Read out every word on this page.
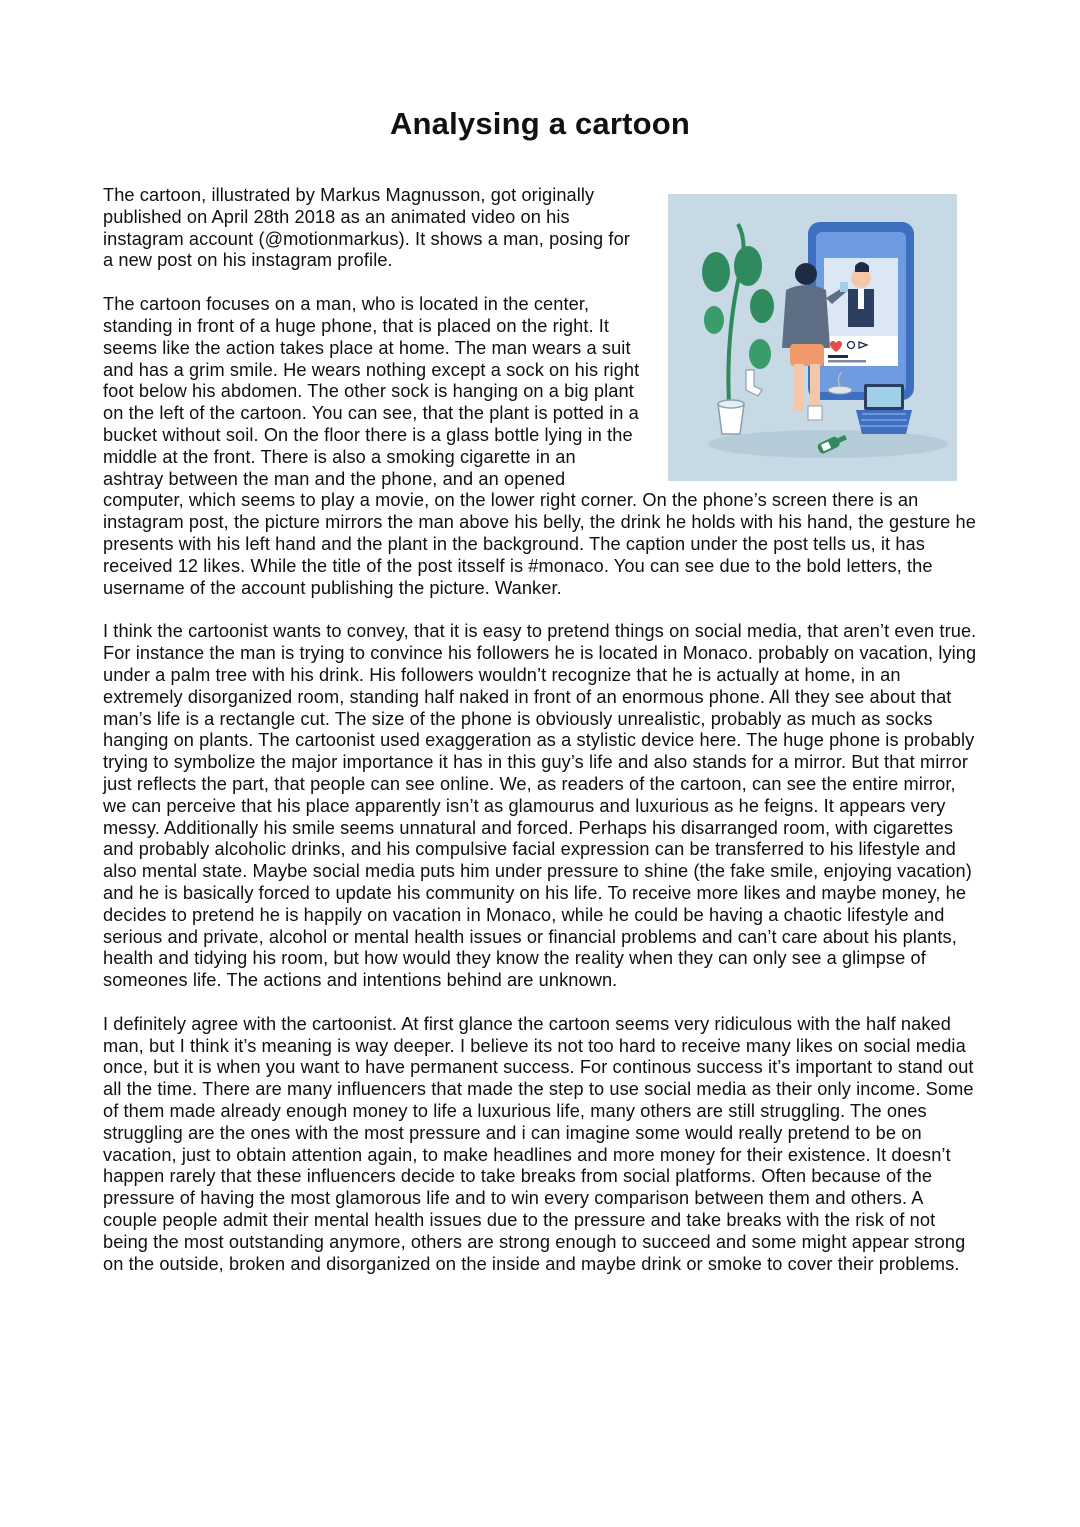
Analysing a cartoon

The cartoon, illustrated by Markus Magnusson, got originally published on April 28th 2018 as an animated video on his instagram account (@motionmarkus). It shows a man, posing for a new post on his instagram profile.

The cartoon focuses on a man, who is located in the center, standing in front of a huge phone, that is placed on the right. It seems like the action takes place at home. The man wears a suit and has a grim smile. He wears nothing except a sock on his right foot below his abdomen. The other sock is hanging on a big plant on the left of the cartoon. You can see, that the plant is potted in a bucket without soil. On the floor there is a glass bottle lying in the middle at the front. There is also a smoking cigarette in an ashtray between the man and the phone, and an opened computer, which seems to play a movie, on the lower right corner. On the phone’s screen there is an instagram post, the picture mirrors the man above his belly, the drink he holds with his hand, the gesture he presents with his left hand and the plant in the background. The caption under the post tells us, it has received 12 likes. While the title of the post itsself is #monaco. You can see due to the bold letters, the username of the account publishing the picture. Wanker.

I think the cartoonist wants to convey, that it is easy to pretend things on social media, that aren’t even true. For instance the man is trying to convince his followers he is located in Monaco. probably on vacation, lying under a palm tree with his drink. His followers wouldn’t recognize that he is actually at home, in an extremely disorganized room, standing half naked in front of an enormous phone. All they see about that man’s life is a rectangle cut. The size of the phone is obviously unrealistic, probably as much as socks hanging on plants. The cartoonist used exaggeration as a stylistic device here. The huge phone is probably trying to symbolize the major importance it has in this guy’s life and also stands for a mirror. But that mirror just reflects the part, that people can see online. We, as readers of the cartoon, can see the entire mirror, we can perceive that his place apparently isn’t as glamourus and luxurious as he feigns. It appears very messy. Additionally his smile seems unnatural and forced. Perhaps his disarranged room, with cigarettes and probably alcoholic drinks, and his compulsive facial expression can be transferred to his lifestyle and also mental state. Maybe social media puts him under pressure to shine (the fake smile, enjoying vacation) and he is basically forced to update his community on his life. To receive more likes and maybe money, he decides to pretend he is happily on vacation in Monaco, while he could be having a chaotic lifestyle and serious and private, alcohol or mental health issues or financial problems and can’t care about his plants, health and tidying his room, but how would they know the reality when they can only see a glimpse of someones life. The actions and intentions behind are unknown.

I definitely agree with the cartoonist. At first glance the cartoon seems very ridiculous with the half naked man, but I think it’s meaning is way deeper. I believe its not too hard to receive many likes on social media once, but it is when you want to have permanent success. For continous success it’s important to stand out all the time. There are many influencers that made the step to use social media as their only income. Some of them made already enough money to life a luxurious life, many others are still struggling. The ones struggling are the ones with the most pressure and i can imagine some would really pretend to be on vacation, just to obtain attention again, to make headlines and more money for their existence. It doesn’t happen rarely that these influencers decide to take breaks from social platforms. Often because of the pressure of having the most glamorous life and to win every comparison between them and others. A couple people admit their mental health issues due to the pressure and take breaks with the risk of not being the most outstanding anymore, others are strong enough to succeed and some might appear strong on the outside, broken and disorganized on the inside and maybe drink or smoke to cover their problems.
